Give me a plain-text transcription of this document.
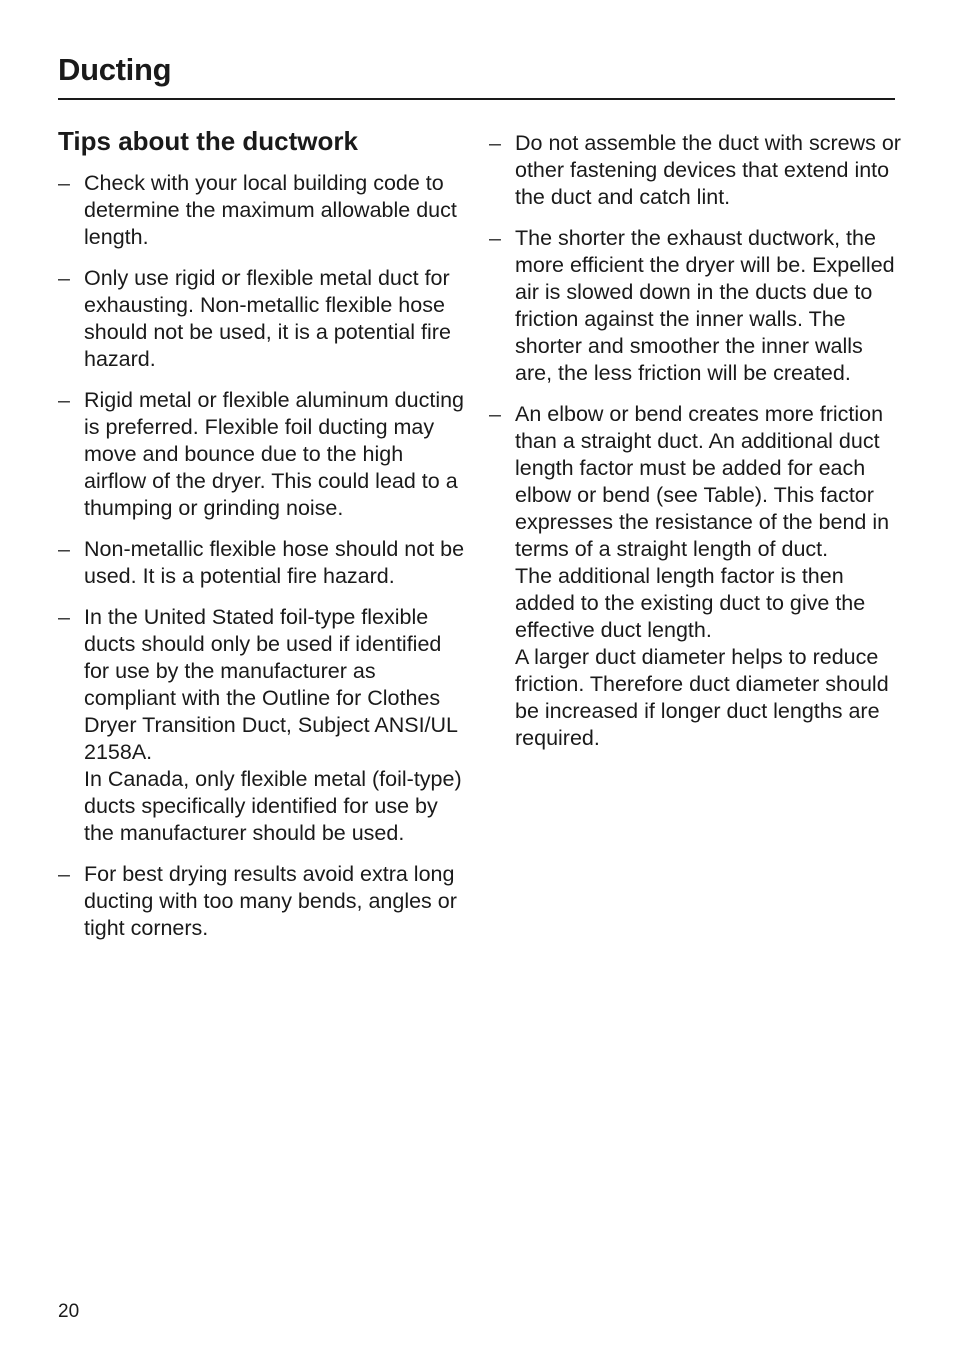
Ducting
Tips about the ductwork
– Check with your local building code to determine the maximum allowable duct length.
– Only use rigid or flexible metal duct for exhausting. Non-metallic flexible hose should not be used, it is a potential fire hazard.
– Rigid metal or flexible aluminum ducting is preferred. Flexible foil ducting may move and bounce due to the high airflow of the dryer. This could lead to a thumping or grinding noise.
– Non-metallic flexible hose should not be used. It is a potential fire hazard.
– In the United Stated foil-type flexible ducts should only be used if identified for use by the manufacturer as compliant with the Outline for Clothes Dryer Transition Duct, Subject ANSI/UL 2158A.
In Canada, only flexible metal (foil-type) ducts specifically identified for use by the manufacturer should be used.
– For best drying results avoid extra long ducting with too many bends, angles or tight corners.
– Do not assemble the duct with screws or other fastening devices that extend into the duct and catch lint.
– The shorter the exhaust ductwork, the more efficient the dryer will be. Expelled air is slowed down in the ducts due to friction against the inner walls. The shorter and smoother the inner walls are, the less friction will be created.
– An elbow or bend creates more friction than a straight duct. An additional duct length factor must be added for each elbow or bend (see Table). This factor expresses the resistance of the bend in terms of a straight length of duct.
The additional length factor is then added to the existing duct to give the effective duct length.
A larger duct diameter helps to reduce friction. Therefore duct diameter should be increased if longer duct lengths are required.
20
